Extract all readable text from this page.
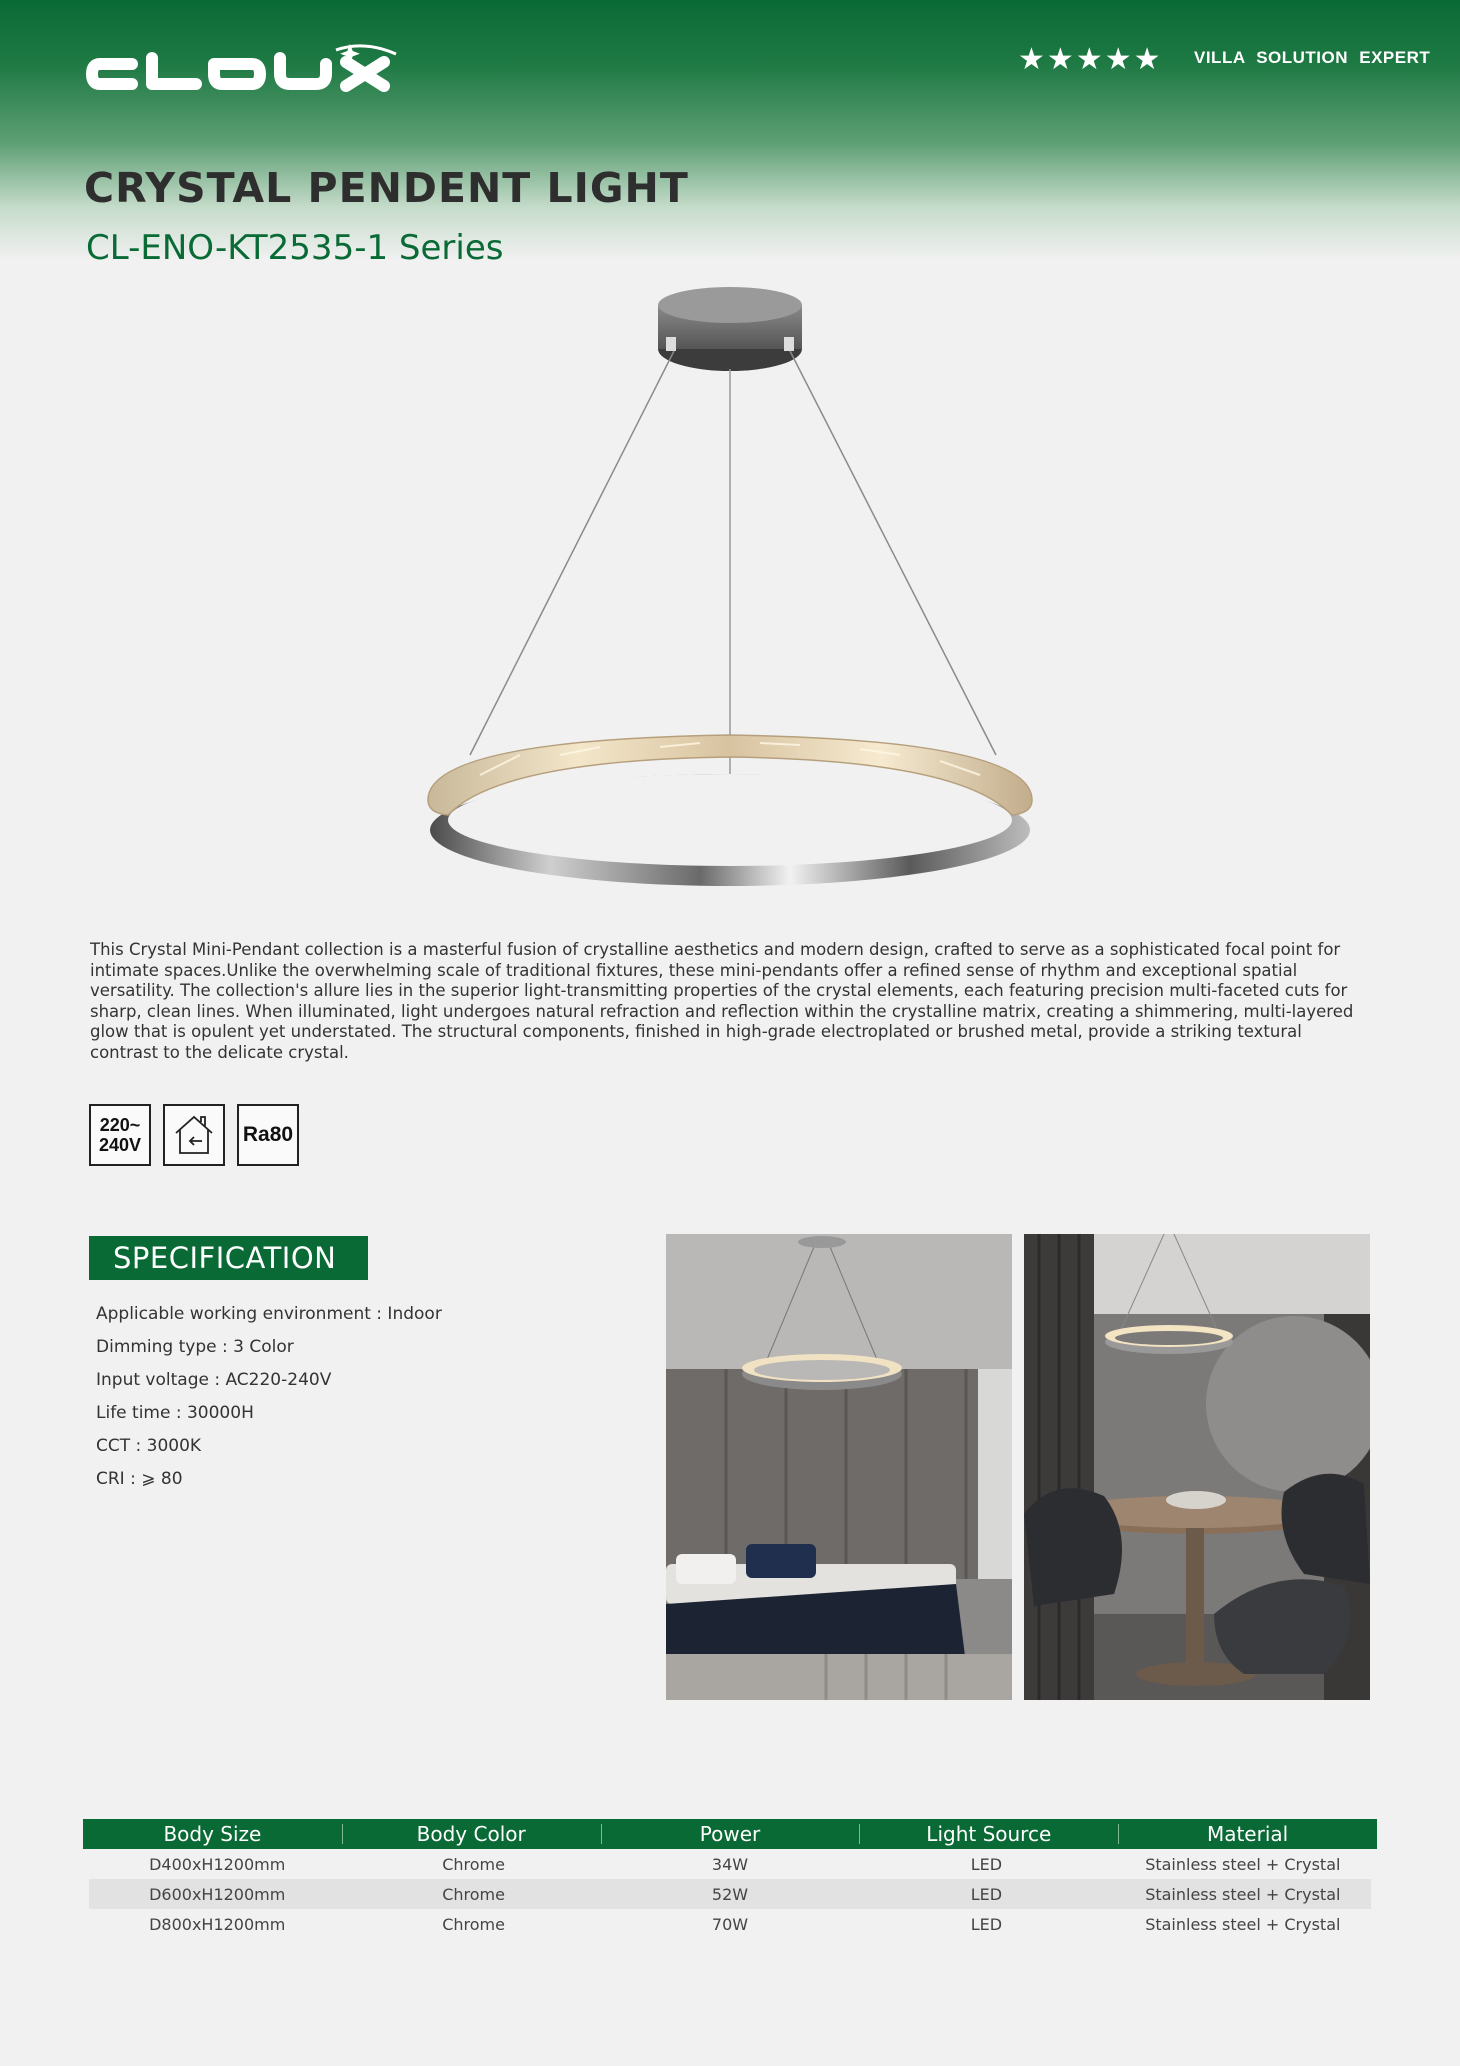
★ ★ ★ ★ ★ VILLA SOLUTION EXPERT
CRYSTAL PENDENT LIGHT
CL-ENO-KT2535-1 Series

This Crystal Mini-Pendant collection is a masterful fusion of crystalline aesthetics and modern design, crafted to serve as a sophisticated focal point for intimate spaces.Unlike the overwhelming scale of traditional fixtures, these mini-pendants offer a refined sense of rhythm and exceptional spatial versatility. The collection's allure lies in the superior light-transmitting properties of the crystal elements, each featuring precision multi-faceted cuts for sharp, clean lines. When illuminated, light undergoes natural refraction and reflection within the crystalline matrix, creating a shimmering, multi-layered glow that is opulent yet understated. The structural components, finished in high-grade electroplated or brushed metal, provide a striking textural contrast to the delicate crystal.

220~
240V	Ra80
SPECIFICATION
Applicable working environment : Indoor
Dimming type : 3 Color
Input voltage : AC220-240V
Life time : 30000H
CCT : 3000K
CRI : ⩾ 80
Body Size	Body Color	Power	Light Source	Material
D400xH1200mm	Chrome	34W	LED	Stainless steel + Crystal
D600xH1200mm	Chrome	52W	LED	Stainless steel + Crystal
D800xH1200mm	Chrome	70W	LED	Stainless steel + Crystal
